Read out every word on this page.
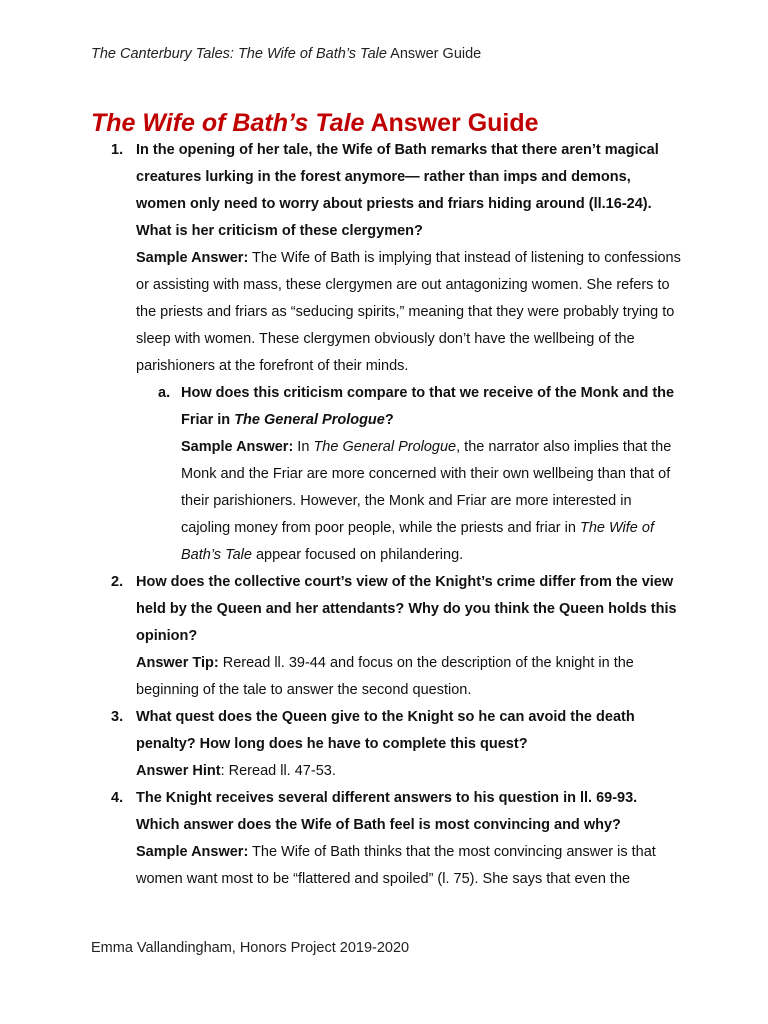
The Canterbury Tales: The Wife of Bath’s Tale Answer Guide
The Wife of Bath’s Tale Answer Guide
1. In the opening of her tale, the Wife of Bath remarks that there aren’t magical creatures lurking in the forest anymore— rather than imps and demons, women only need to worry about priests and friars hiding around (ll.16-24). What is her criticism of these clergymen?
Sample Answer: The Wife of Bath is implying that instead of listening to confessions or assisting with mass, these clergymen are out antagonizing women. She refers to the priests and friars as “seducing spirits,” meaning that they were probably trying to sleep with women. These clergymen obviously don’t have the wellbeing of the parishioners at the forefront of their minds.
a. How does this criticism compare to that we receive of the Monk and the Friar in The General Prologue?
Sample Answer: In The General Prologue, the narrator also implies that the Monk and the Friar are more concerned with their own wellbeing than that of their parishioners. However, the Monk and Friar are more interested in cajoling money from poor people, while the priests and friar in The Wife of Bath’s Tale appear focused on philandering.
2. How does the collective court’s view of the Knight’s crime differ from the view held by the Queen and her attendants? Why do you think the Queen holds this opinion?
Answer Tip: Reread ll. 39-44 and focus on the description of the knight in the beginning of the tale to answer the second question.
3. What quest does the Queen give to the Knight so he can avoid the death penalty? How long does he have to complete this quest?
Answer Hint: Reread ll. 47-53.
4. The Knight receives several different answers to his question in ll. 69-93. Which answer does the Wife of Bath feel is most convincing and why?
Sample Answer: The Wife of Bath thinks that the most convincing answer is that women want most to be “flattered and spoiled” (l. 75). She says that even the
Emma Vallandingham, Honors Project 2019-2020
